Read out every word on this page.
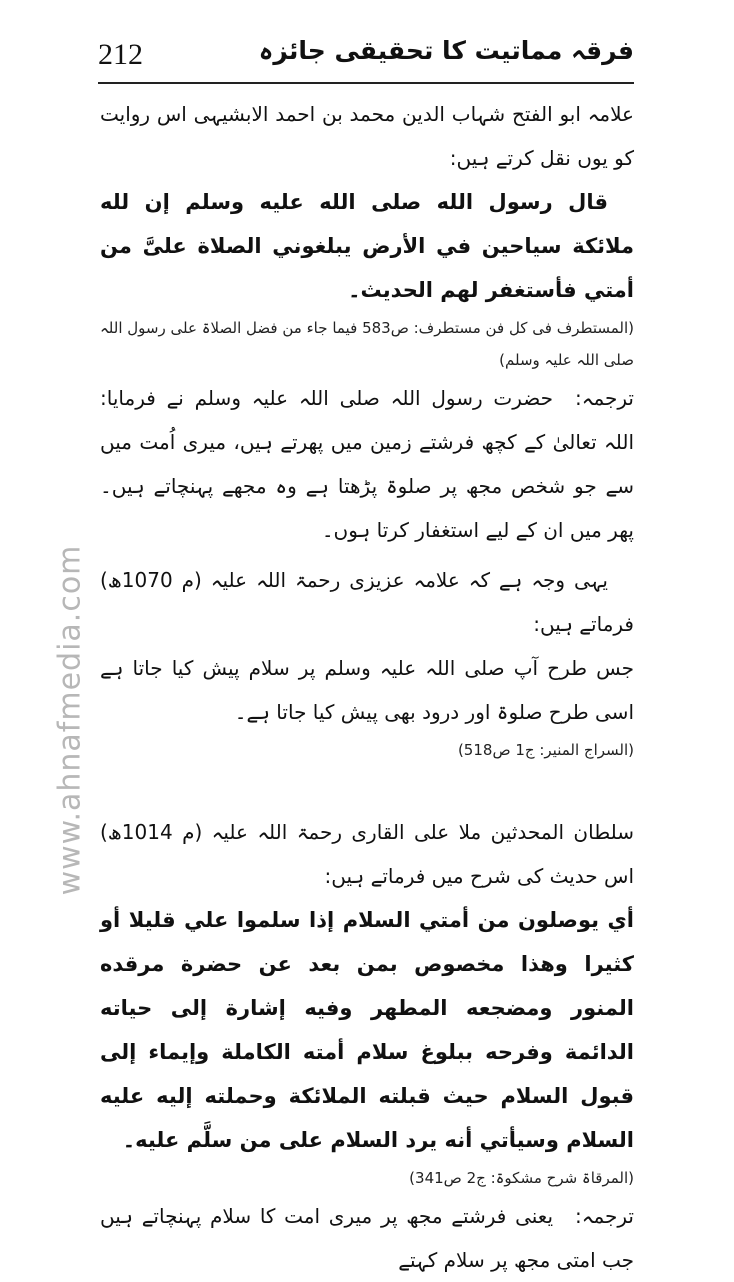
www.ahnafmedia.com
212	فرقہ مماتیت کا تحقیقی جائزہ

علامہ ابو الفتح شہاب الدین محمد بن احمد الابشیہی اس روایت کو یوں نقل کرتے ہیں:

قال رسول الله صلی الله علیه وسلم إن لله ملائكة سياحين في الأرض يبلغوني الصلاة علىَّ من أمتي فأستغفر لهم الحديث۔

(المستطرف فی کل فن مستطرف: ص583 فیما جاء من فضل الصلاۃ علی رسول اللہ صلی اللہ علیہ وسلم)

ترجمہ:حضرت رسول اللہ صلی اللہ علیہ وسلم نے فرمایا: اللہ تعالیٰ کے کچھ فرشتے زمین میں پھرتے ہیں، میری اُمت میں سے جو شخص مجھ پر صلوۃ پڑھتا ہے وہ مجھے پہنچاتے ہیں۔ پھر میں ان کے لیے استغفار کرتا ہوں۔

یہی وجہ ہے کہ علامہ عزیزی رحمۃ اللہ علیہ (م 1070ھ) فرماتے ہیں:

جس طرح آپ صلی اللہ علیہ وسلم پر سلام پیش کیا جاتا ہے اسی طرح صلوۃ اور درود بھی پیش کیا جاتا ہے۔

(السراج المنیر: ج1 ص518)

سلطان المحدثین ملا علی القاری رحمۃ اللہ علیہ (م 1014ھ) اس حدیث کی شرح میں فرماتے ہیں:

أي يوصلون من أمتي السلام إذا سلموا علي قليلا أو كثيرا وهذا مخصوص بمن بعد عن حضرة مرقده المنور ومضجعه المطهر وفيه إشارة إلى حياته الدائمة وفرحه ببلوغ سلام أمته الكاملة وإيماء إلى قبول السلام حيث قبلته الملائكة وحملته إليه عليه السلام وسيأتي أنه يرد السلام على من سلَّم عليه۔

(المرقاۃ شرح مشکوۃ: ج2 ص341)

ترجمہ:یعنی فرشتے مجھ پر میری امت کا سلام پہنچاتے ہیں جب امتی مجھ پر سلام کہتے
